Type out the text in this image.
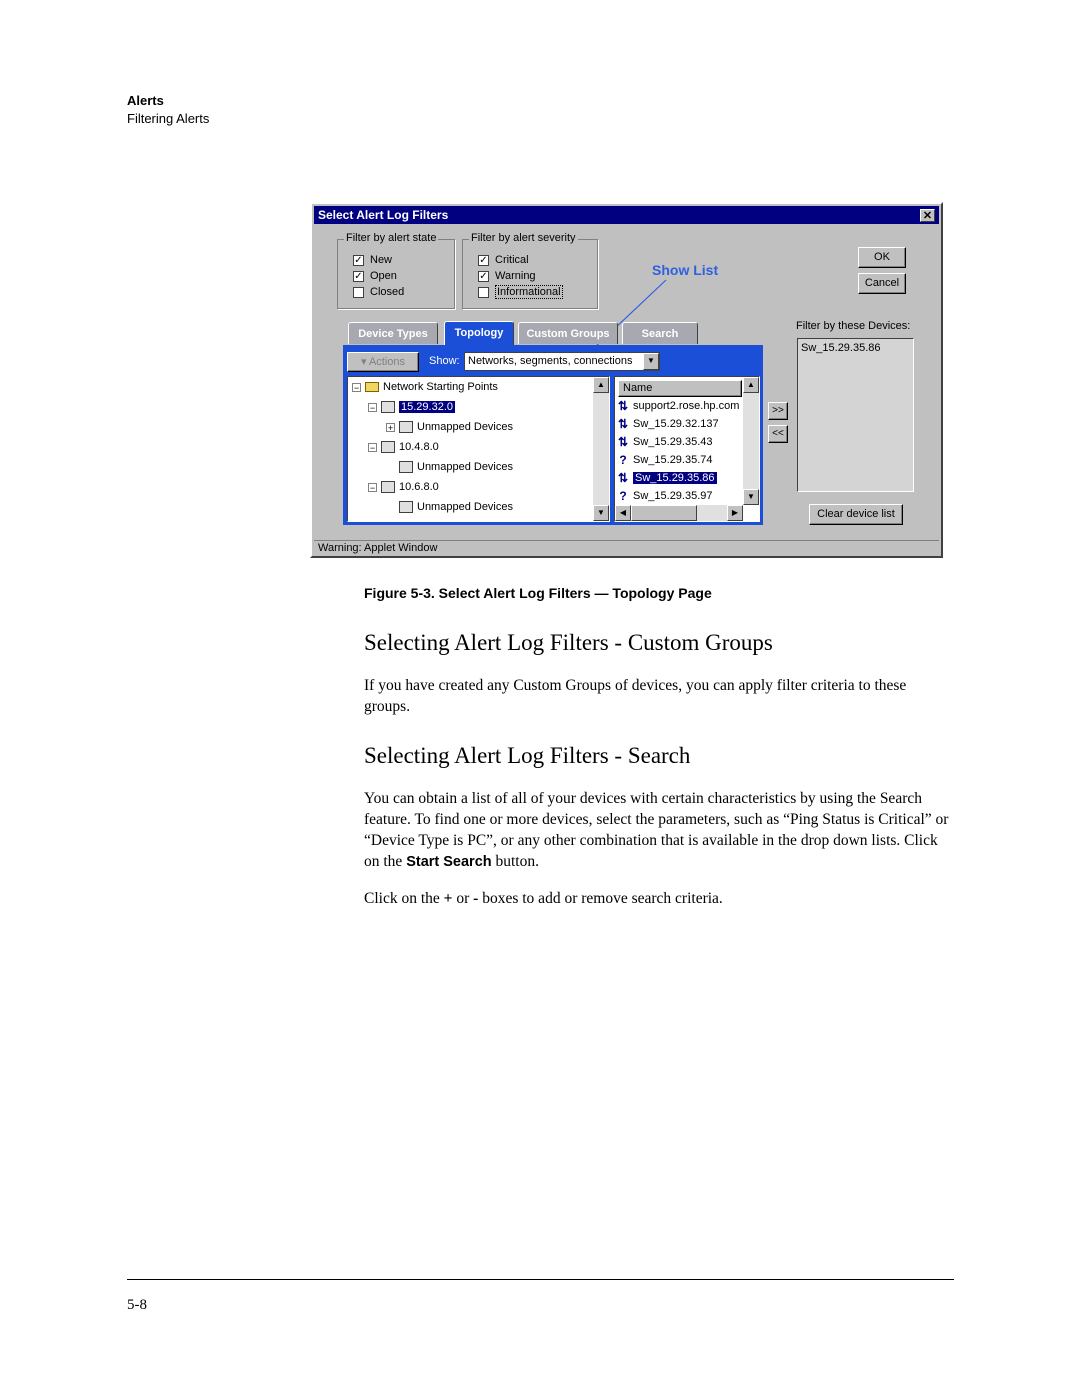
Alerts
Filtering Alerts
Select Alert Log Filters	✕
Filter by alert state
✓ New
✓ Open
Closed
Filter by alert severity
✓ Critical
✓ Warning
Informational
Show List
OK
Cancel
Device Types	Topology	Custom Groups	Search
▾ Actions	Show: Networks, segments, connections	▼
− Network Starting Points
− 15.29.32.0
+ Unmapped Devices
− 10.4.8.0
Unmapped Devices
− 10.6.8.0
Unmapped Devices
▲
▼
Name
⇅ support2.rose.hp.com
⇅ Sw_15.29.32.137
⇅ Sw_15.29.35.43
? Sw_15.29.35.74
⇅ Sw_15.29.35.86
? Sw_15.29.35.97
▲
▼
◀	▶
>>
<<
Filter by these Devices:
Sw_15.29.35.86
Clear device list
Warning: Applet Window
Figure 5-3. Select Alert Log Filters — Topology Page
Selecting Alert Log Filters - Custom Groups
If you have created any Custom Groups of devices, you can apply filter criteria to these groups.
Selecting Alert Log Filters - Search
You can obtain a list of all of your devices with certain characteristics by using the Search feature. To find one or more devices, select the parameters, such as “Ping Status is Critical” or “Device Type is PC”, or any other combination that is available in the drop down lists. Click on the Start Search button.
Click on the + or - boxes to add or remove search criteria.
5-8
